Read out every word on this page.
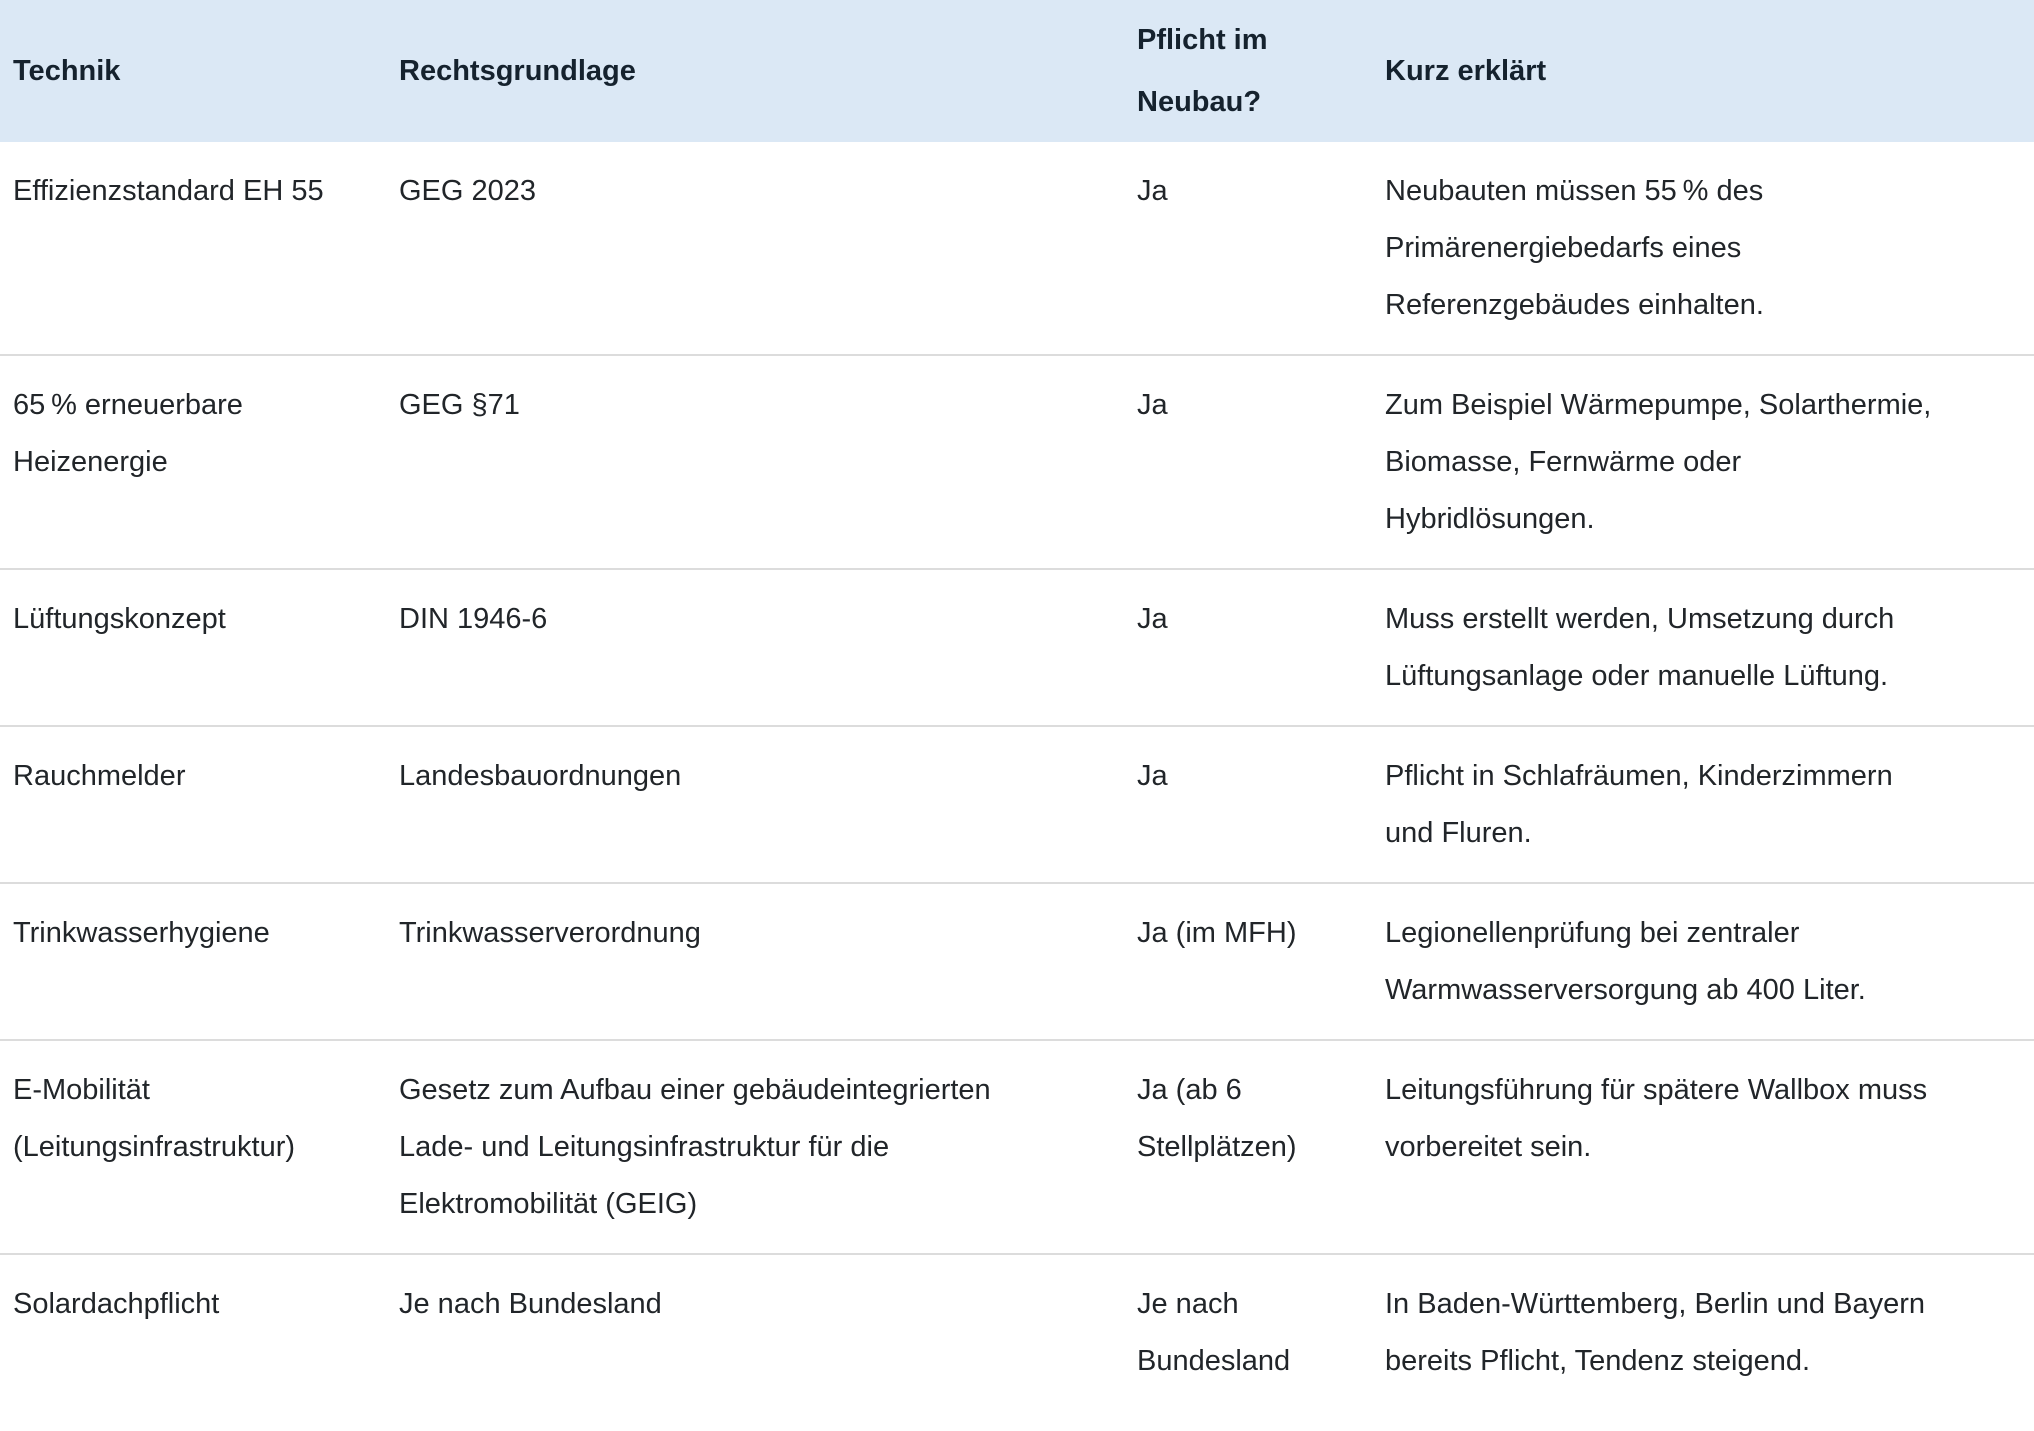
Technik	Rechtsgrundlage	Pflicht im Neubau?	Kurz erklärt
Effizienzstandard EH 55	GEG 2023	Ja	Neubauten müssen 55 % des Primärenergiebedarfs eines Referenzgebäudes einhalten.
65 % erneuerbare Heizenergie	GEG §71	Ja	Zum Beispiel Wärmepumpe, Solarthermie, Biomasse, Fernwärme oder Hybridlösungen.
Lüftungskonzept	DIN 1946-6	Ja	Muss erstellt werden, Umsetzung durch Lüftungsanlage oder manuelle Lüftung.
Rauchmelder	Landesbauordnungen	Ja	Pflicht in Schlafräumen, Kinderzimmern und Fluren.
Trinkwasserhygiene	Trinkwasserverordnung	Ja (im MFH)	Legionellenprüfung bei zentraler Warmwasserversorgung ab 400 Liter.
E-Mobilität (Leitungsinfrastruktur)	Gesetz zum Aufbau einer gebäudeintegrierten Lade- und Leitungsinfrastruktur für die Elektromobilität (GEIG)	Ja (ab 6 Stellplätzen)	Leitungsführung für spätere Wallbox muss vorbereitet sein.
Solardachpflicht	Je nach Bundesland	Je nach Bundesland	In Baden-Württemberg, Berlin und Bayern bereits Pflicht, Tendenz steigend.
